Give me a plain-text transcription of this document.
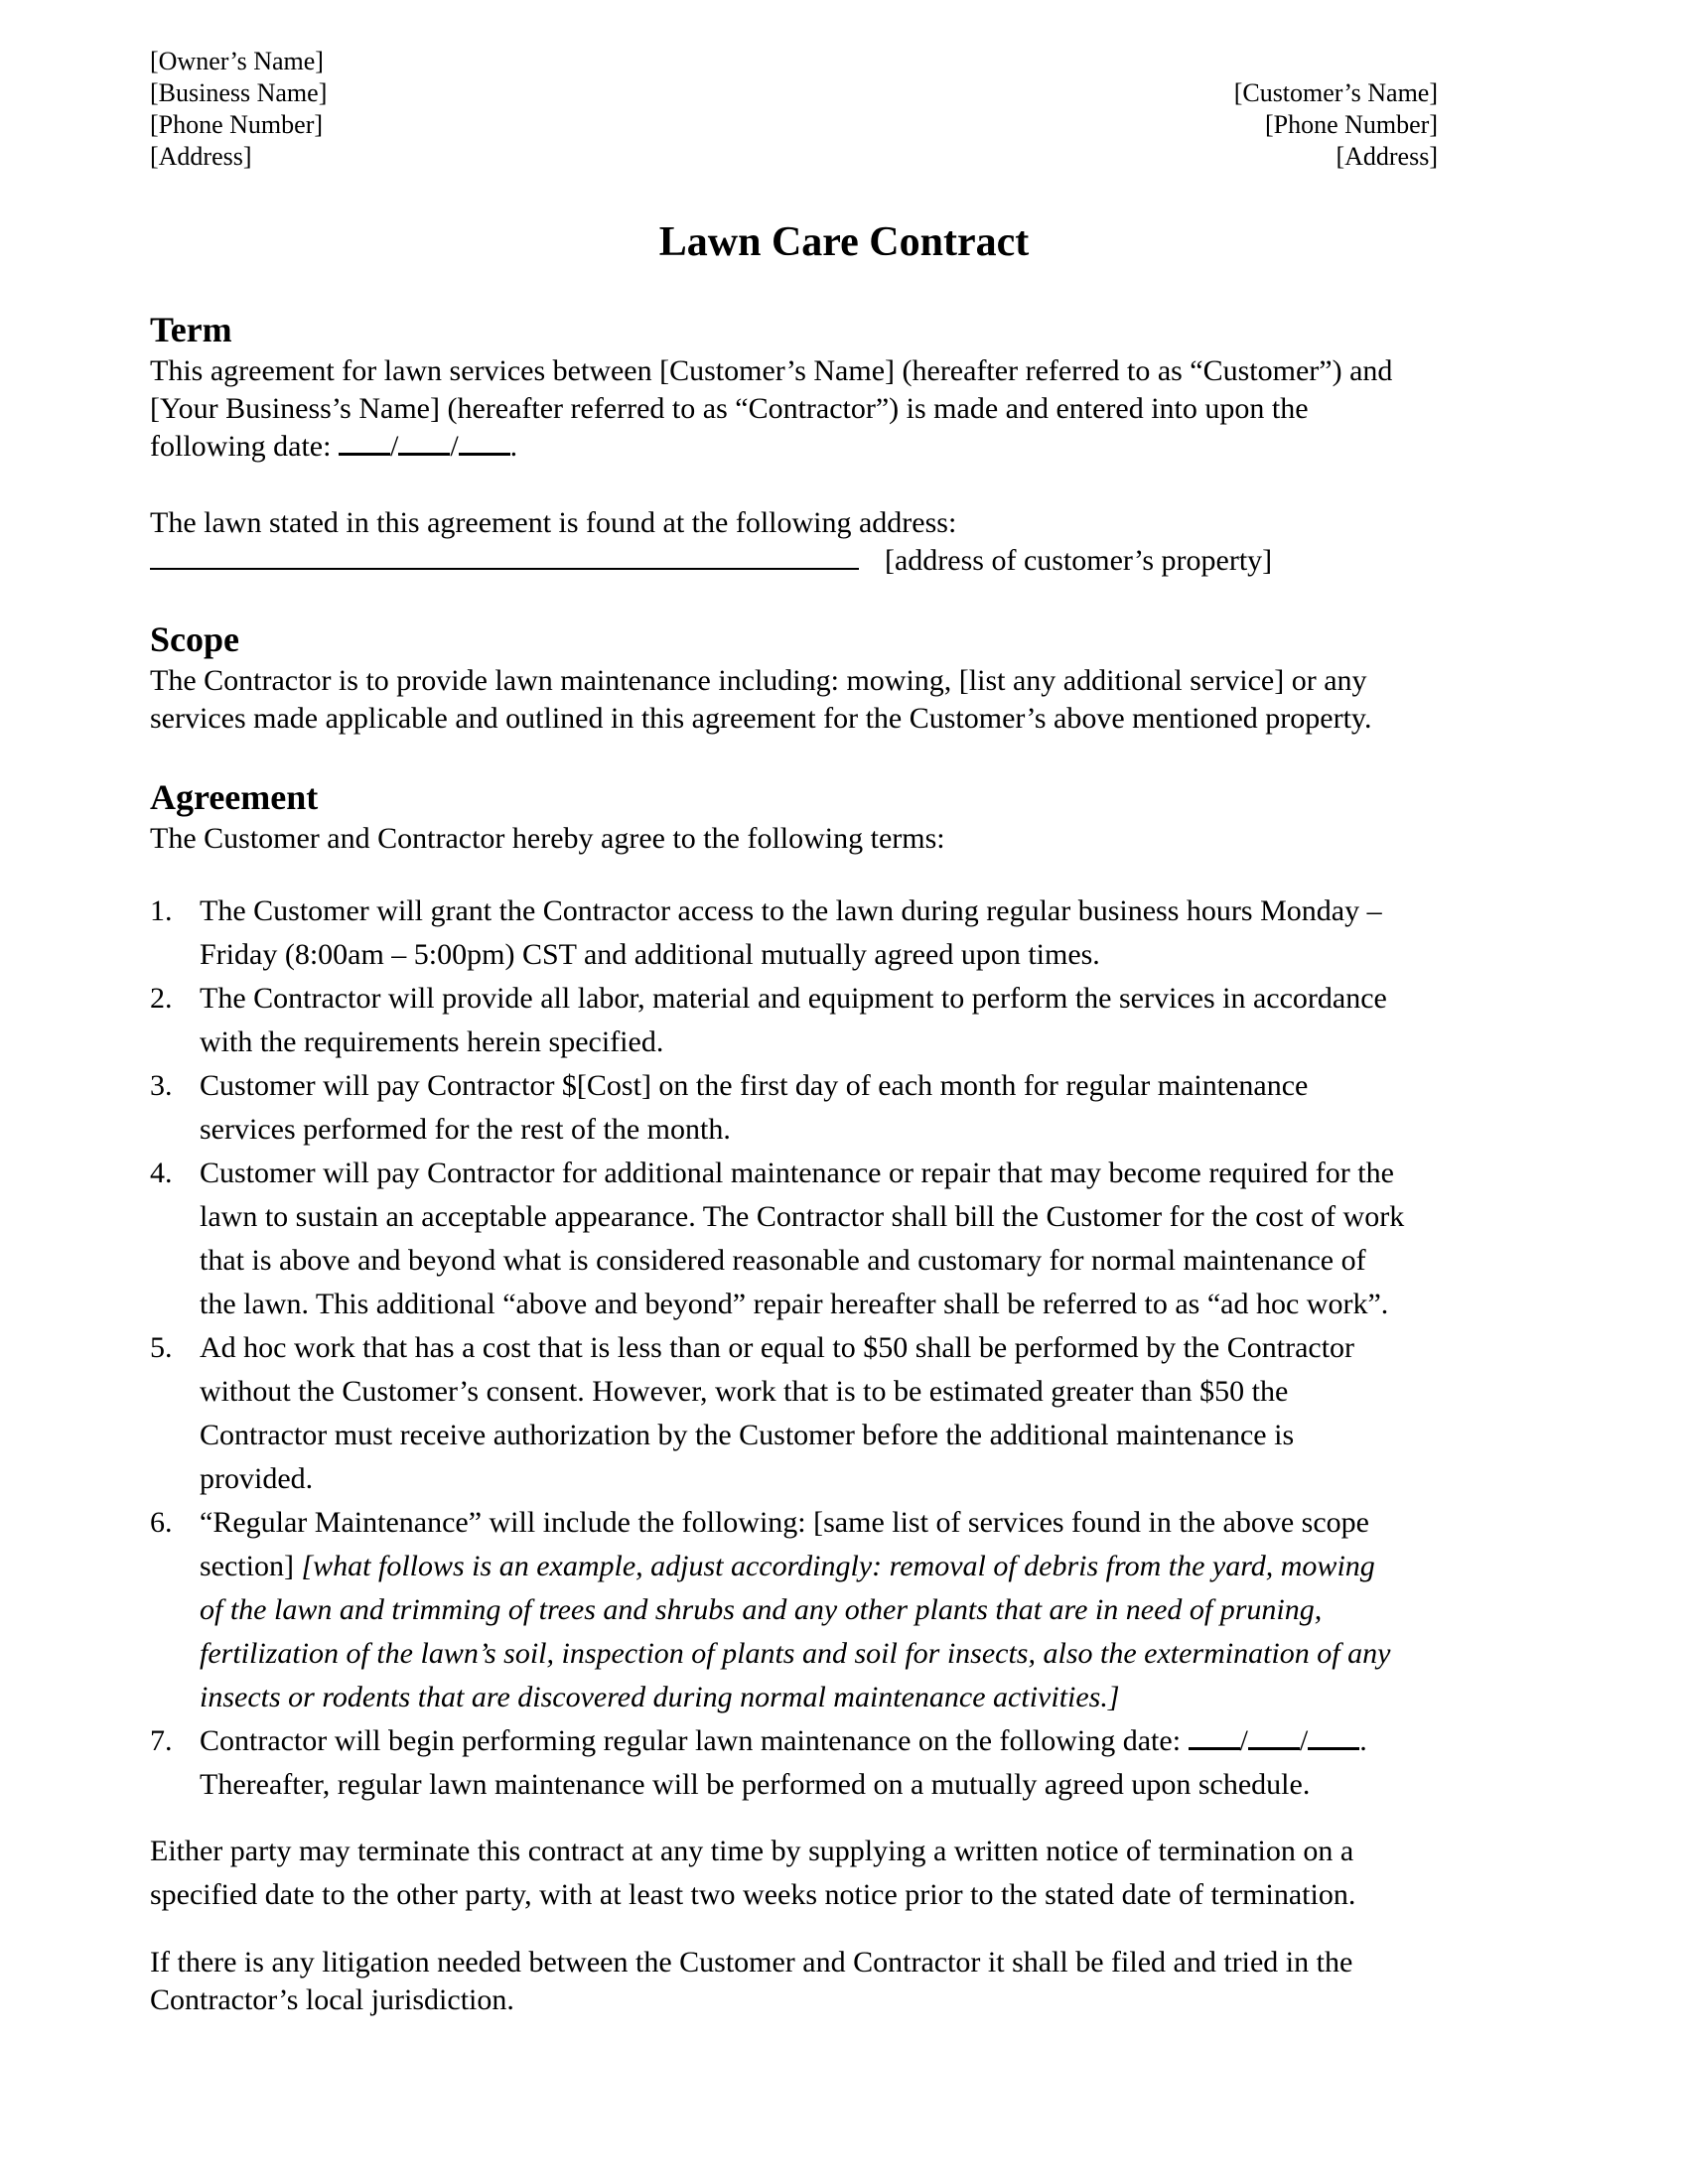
[Owner’s Name]
[Business Name]
[Phone Number]
[Address]
[Customer’s Name]
[Phone Number]
[Address]
Lawn Care Contract
Term
This agreement for lawn services between [Customer’s Name] (hereafter referred to as “Customer”) and
[Your Business’s Name] (hereafter referred to as “Contractor”) is made and entered into upon the
following date: / / .
The lawn stated in this agreement is found at the following address:
[address of customer’s property]
Scope
The Contractor is to provide lawn maintenance including: mowing, [list any additional service] or any
services made applicable and outlined in this agreement for the Customer’s above mentioned property.
Agreement
The Customer and Contractor hereby agree to the following terms:
1. The Customer will grant the Contractor access to the lawn during regular business hours Monday –
Friday (8:00am – 5:00pm) CST and additional mutually agreed upon times.
2. The Contractor will provide all labor, material and equipment to perform the services in accordance
with the requirements herein specified.
3. Customer will pay Contractor $[Cost] on the first day of each month for regular maintenance
services performed for the rest of the month.
4. Customer will pay Contractor for additional maintenance or repair that may become required for the
lawn to sustain an acceptable appearance. The Contractor shall bill the Customer for the cost of work
that is above and beyond what is considered reasonable and customary for normal maintenance of
the lawn. This additional “above and beyond” repair hereafter shall be referred to as “ad hoc work”.
5. Ad hoc work that has a cost that is less than or equal to $50 shall be performed by the Contractor
without the Customer’s consent. However, work that is to be estimated greater than $50 the
Contractor must receive authorization by the Customer before the additional maintenance is
provided.
6. “Regular Maintenance” will include the following: [same list of services found in the above scope
section] [what follows is an example, adjust accordingly: removal of debris from the yard, mowing
of the lawn and trimming of trees and shrubs and any other plants that are in need of pruning,
fertilization of the lawn’s soil, inspection of plants and soil for insects, also the extermination of any
insects or rodents that are discovered during normal maintenance activities.]
7. Contractor will begin performing regular lawn maintenance on the following date: / / .
Thereafter, regular lawn maintenance will be performed on a mutually agreed upon schedule.
Either party may terminate this contract at any time by supplying a written notice of termination on a
specified date to the other party, with at least two weeks notice prior to the stated date of termination.
If there is any litigation needed between the Customer and Contractor it shall be filed and tried in the
Contractor’s local jurisdiction.
